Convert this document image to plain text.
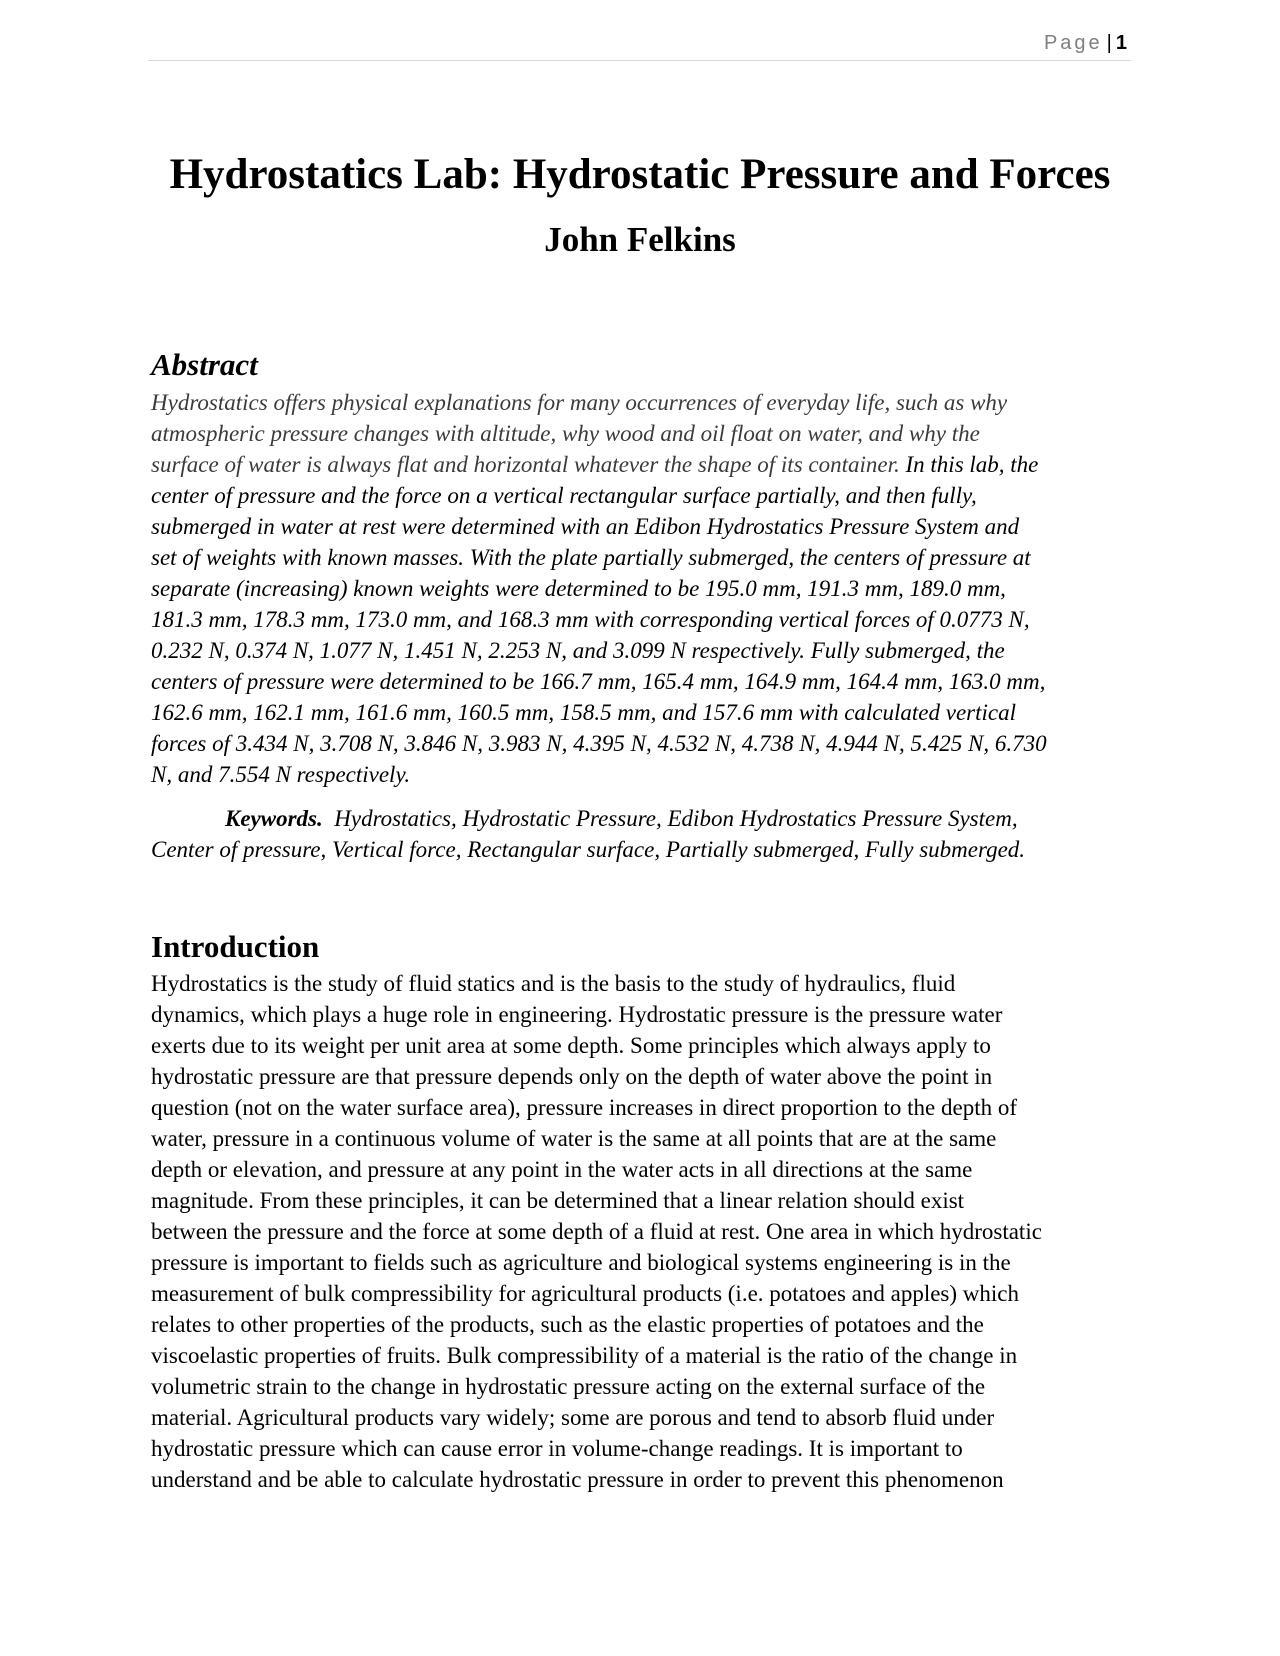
Page | 1
Hydrostatics Lab: Hydrostatic Pressure and Forces
John Felkins
Abstract

Hydrostatics offers physical explanations for many occurrences of everyday life, such as why
atmospheric pressure changes with altitude, why wood and oil float on water, and why the
surface of water is always flat and horizontal whatever the shape of its container. In this lab, the
center of pressure and the force on a vertical rectangular surface partially, and then fully,
submerged in water at rest were determined with an Edibon Hydrostatics Pressure System and
set of weights with known masses. With the plate partially submerged, the centers of pressure at
separate (increasing) known weights were determined to be 195.0 mm, 191.3 mm, 189.0 mm,
181.3 mm, 178.3 mm, 173.0 mm, and 168.3 mm with corresponding vertical forces of 0.0773 N,
0.232 N, 0.374 N, 1.077 N, 1.451 N, 2.253 N, and 3.099 N respectively. Fully submerged, the
centers of pressure were determined to be 166.7 mm, 165.4 mm, 164.9 mm, 164.4 mm, 163.0 mm,
162.6 mm, 162.1 mm, 161.6 mm, 160.5 mm, 158.5 mm, and 157.6 mm with calculated vertical
forces of 3.434 N, 3.708 N, 3.846 N, 3.983 N, 4.395 N, 4.532 N, 4.738 N, 4.944 N, 5.425 N, 6.730
N, and 7.554 N respectively.

Keywords.  Hydrostatics, Hydrostatic Pressure, Edibon Hydrostatics Pressure System,
Center of pressure, Vertical force, Rectangular surface, Partially submerged, Fully submerged.

Introduction

Hydrostatics is the study of fluid statics and is the basis to the study of hydraulics, fluid
dynamics, which plays a huge role in engineering. Hydrostatic pressure is the pressure water
exerts due to its weight per unit area at some depth. Some principles which always apply to
hydrostatic pressure are that pressure depends only on the depth of water above the point in
question (not on the water surface area), pressure increases in direct proportion to the depth of
water, pressure in a continuous volume of water is the same at all points that are at the same
depth or elevation, and pressure at any point in the water acts in all directions at the same
magnitude. From these principles, it can be determined that a linear relation should exist
between the pressure and the force at some depth of a fluid at rest. One area in which hydrostatic
pressure is important to fields such as agriculture and biological systems engineering is in the
measurement of bulk compressibility for agricultural products (i.e. potatoes and apples) which
relates to other properties of the products, such as the elastic properties of potatoes and the
viscoelastic properties of fruits. Bulk compressibility of a material is the ratio of the change in
volumetric strain to the change in hydrostatic pressure acting on the external surface of the
material. Agricultural products vary widely; some are porous and tend to absorb fluid under
hydrostatic pressure which can cause error in volume-change readings. It is important to
understand and be able to calculate hydrostatic pressure in order to prevent this phenomenon
